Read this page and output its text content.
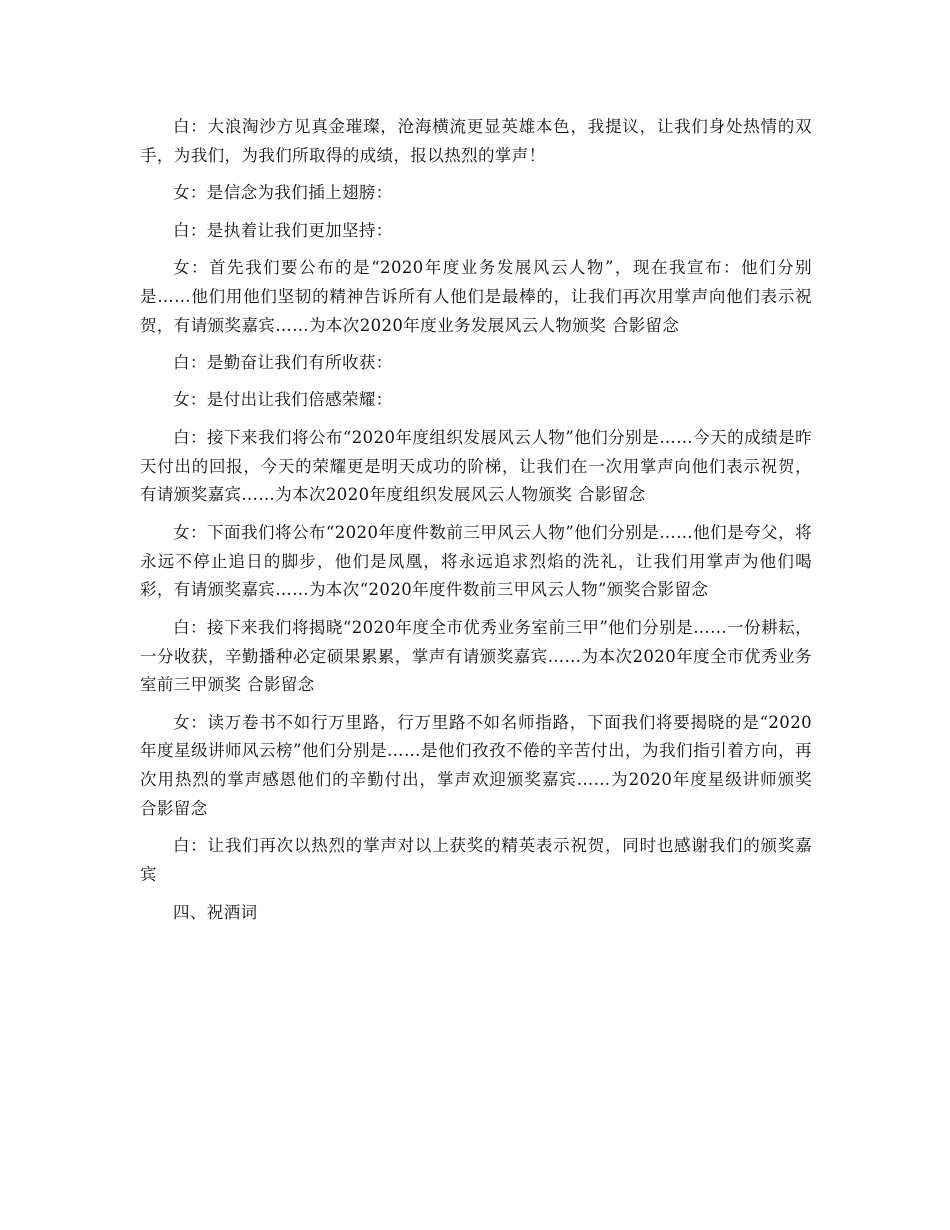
白：大浪淘沙方见真金璀璨，沧海横流更显英雄本色，我提议，让我们身处热情的双手，为我们，为我们所取得的成绩，报以热烈的掌声！

女：是信念为我们插上翅膀：

白：是执着让我们更加坚持：

女：首先我们要公布的是“2020年度业务发展风云人物”，现在我宣布：他们分别是……他们用他们坚韧的精神告诉所有人他们是最棒的，让我们再次用掌声向他们表示祝贺，有请颁奖嘉宾……为本次2020年度业务发展风云人物颁奖 合影留念

白：是勤奋让我们有所收获：

女：是付出让我们倍感荣耀：

白：接下来我们将公布“2020年度组织发展风云人物”他们分别是……今天的成绩是昨天付出的回报，今天的荣耀更是明天成功的阶梯，让我们在一次用掌声向他们表示祝贺，有请颁奖嘉宾……为本次2020年度组织发展风云人物颁奖 合影留念

女：下面我们将公布“2020年度件数前三甲风云人物”他们分别是……他们是夸父，将永远不停止追日的脚步，他们是凤凰，将永远追求烈焰的洗礼，让我们用掌声为他们喝彩，有请颁奖嘉宾……为本次“2020年度件数前三甲风云人物”颁奖合影留念

白：接下来我们将揭晓“2020年度全市优秀业务室前三甲”他们分别是……一份耕耘，一分收获，辛勤播种必定硕果累累，掌声有请颁奖嘉宾……为本次2020年度全市优秀业务室前三甲颁奖 合影留念

女：读万卷书不如行万里路，行万里路不如名师指路，下面我们将要揭晓的是“2020年度星级讲师风云榜”他们分别是……是他们孜孜不倦的辛苦付出，为我们指引着方向，再次用热烈的掌声感恩他们的辛勤付出，掌声欢迎颁奖嘉宾……为2020年度星级讲师颁奖 合影留念

白：让我们再次以热烈的掌声对以上获奖的精英表示祝贺，同时也感谢我们的颁奖嘉宾

四、祝酒词
